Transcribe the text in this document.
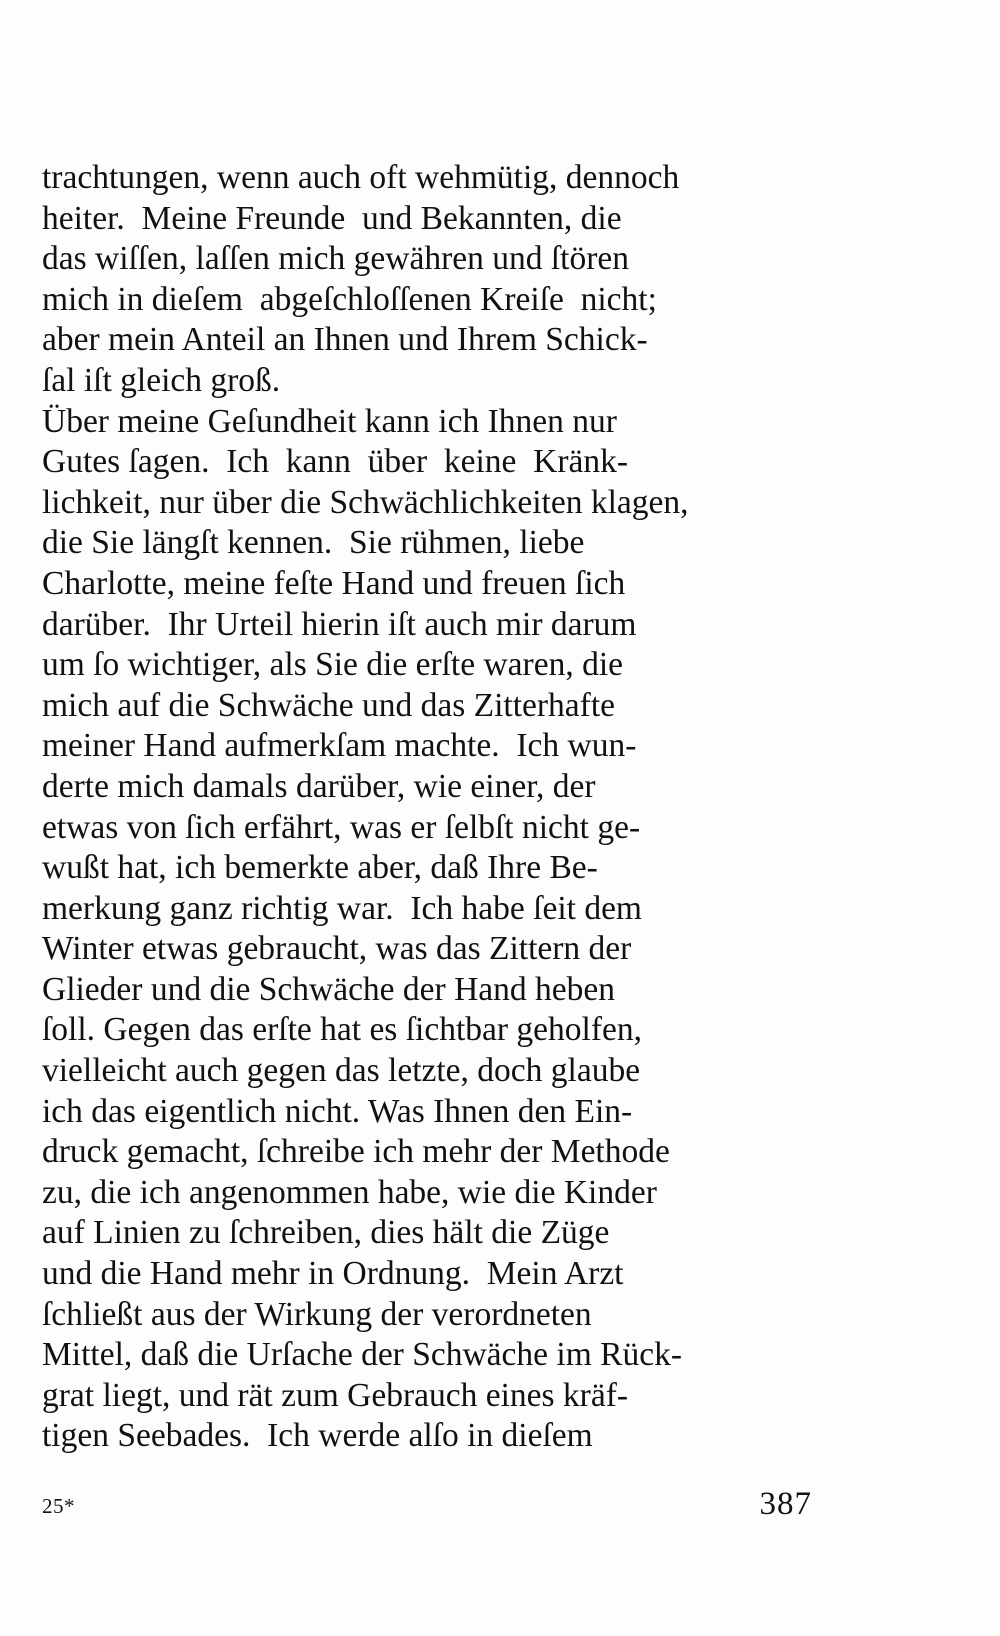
trachtungen, wenn auch oft wehmütig, dennoch
heiter.  Meine Freunde  und Bekannten, die
das wiſſen, laſſen mich gewähren und ſtören
mich in dieſem  abgeſchloſſenen Kreiſe  nicht;
aber mein Anteil an Ihnen und Ihrem Schick-
ſal iſt gleich groß.
Über meine Geſundheit kann ich Ihnen nur
Gutes ſagen.  Ich  kann  über  keine  Kränk-
lichkeit, nur über die Schwächlichkeiten klagen,
die Sie längſt kennen.  Sie rühmen, liebe
Charlotte, meine feſte Hand und freuen ſich
darüber.  Ihr Urteil hierin iſt auch mir darum
um ſo wichtiger, als Sie die erſte waren, die
mich auf die Schwäche und das Zitterhafte
meiner Hand aufmerkſam machte.  Ich wun-
derte mich damals darüber, wie einer, der
etwas von ſich erfährt, was er ſelbſt nicht ge-
wußt hat, ich bemerkte aber, daß Ihre Be-
merkung ganz richtig war.  Ich habe ſeit dem
Winter etwas gebraucht, was das Zittern der
Glieder und die Schwäche der Hand heben
ſoll. Gegen das erſte hat es ſichtbar geholfen,
vielleicht auch gegen das letzte, doch glaube
ich das eigentlich nicht. Was Ihnen den Ein-
druck gemacht, ſchreibe ich mehr der Methode
zu, die ich angenommen habe, wie die Kinder
auf Linien zu ſchreiben, dies hält die Züge
und die Hand mehr in Ordnung.  Mein Arzt
ſchließt aus der Wirkung der verordneten
Mittel, daß die Urſache der Schwäche im Rück-
grat liegt, und rät zum Gebrauch eines kräf-
tigen Seebades.  Ich werde alſo in dieſem

25*	387
